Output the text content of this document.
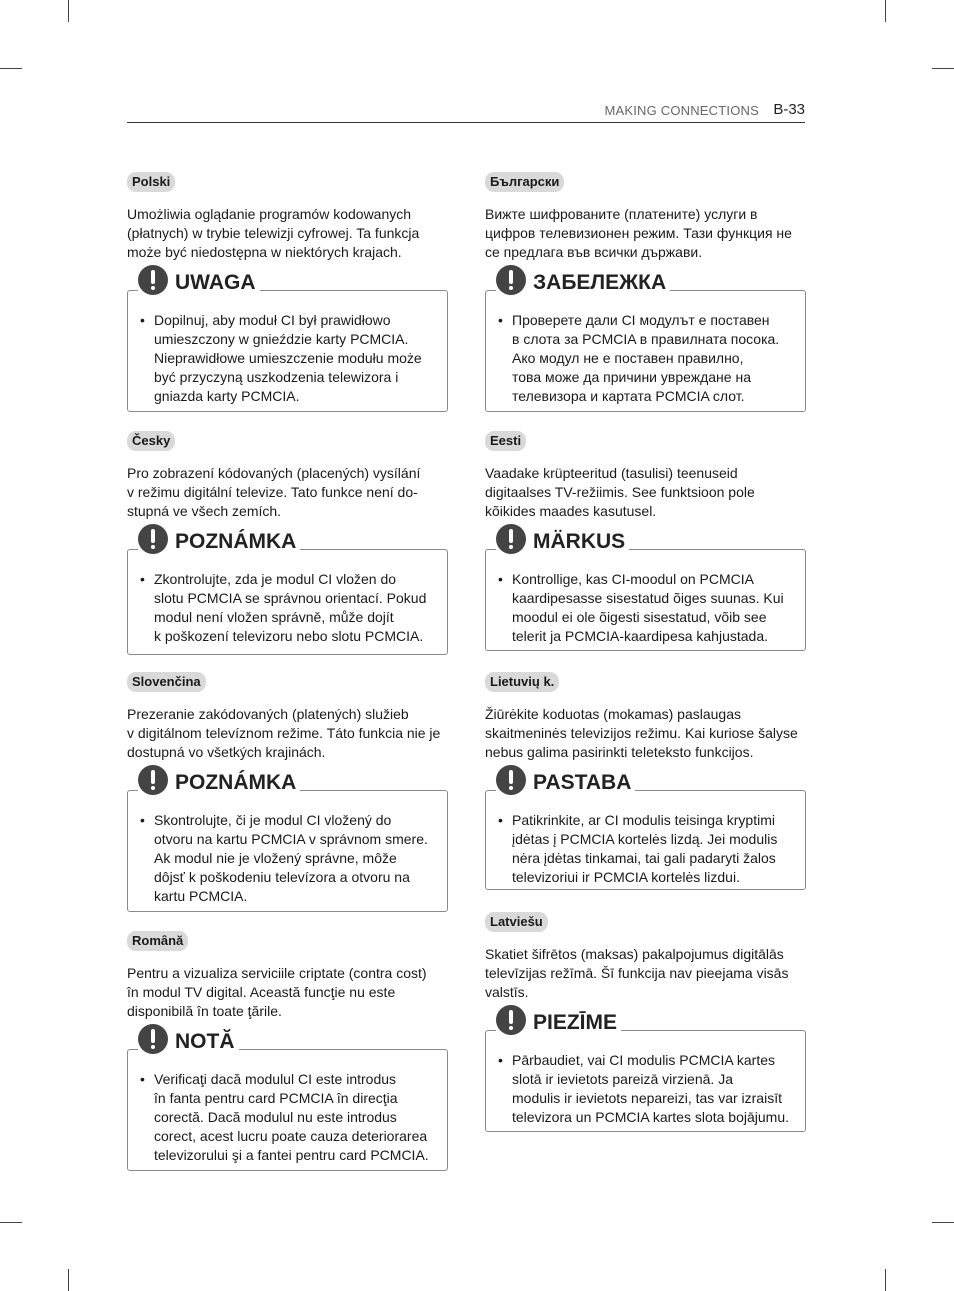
MAKING CONNECTIONS B-33
Polski

Umożliwia oglądanie programów kodowanych

(płatnych) w trybie telewizji cyfrowej. Ta funkcja

może być niedostępna w niektórych krajach.

UWAGA
• Dopilnuj, aby moduł CI był prawidłowo
umieszczony w gnieździe karty PCMCIA.
Nieprawidłowe umieszczenie modułu może
być przyczyną uszkodzenia telewizora i
gniazda karty PCMCIA.
Česky

Pro zobrazení kódovaných (placených) vysílání

v režimu digitální televize. Tato funkce není do-

stupná ve všech zemích.

POZNÁMKA
• Zkontrolujte, zda je modul CI vložen do
slotu PCMCIA se správnou orientací. Pokud
modul není vložen správně, může dojít
k poškození televizoru nebo slotu PCMCIA.
Slovenčina

Prezeranie zakódovaných (platených) služieb

v digitálnom televíznom režime. Táto funkcia nie je

dostupná vo všetkých krajinách.

POZNÁMKA
• Skontrolujte, či je modul CI vložený do
otvoru na kartu PCMCIA v správnom smere.
Ak modul nie je vložený správne, môže
dôjsť k poškodeniu televízora a otvoru na
kartu PCMCIA.
Română

Pentru a vizualiza serviciile criptate (contra cost)

în modul TV digital. Această funcţie nu este

disponibilă în toate ţările.

NOTĂ
• Verificaţi dacă modulul CI este introdus
în fanta pentru card PCMCIA în direcţia
corectă. Dacă modulul nu este introdus
corect, acest lucru poate cauza deteriorarea
televizorului şi a fantei pentru card PCMCIA.
Български

Вижте шифрованите (платените) услуги в

цифров телевизионен режим. Тази функция не

се предлага във всички държави.

ЗАБЕЛЕЖКА
• Проверете дали CI модулът е поставен
в слота за PCMCIA в правилната посока.
Ако модул не е поставен правилно,
това може да причини увреждане на
телевизора и картата PCMCIA слот.
Eesti

Vaadake krüpteeritud (tasulisi) teenuseid

digitaalses TV-režiimis. See funktsioon pole

kõikides maades kasutusel.

MÄRKUS
• Kontrollige, kas CI-moodul on PCMCIA
kaardipesasse sisestatud õiges suunas. Kui
moodul ei ole õigesti sisestatud, võib see
telerit ja PCMCIA-kaardipesa kahjustada.
Lietuvių k.

Žiūrėkite koduotas (mokamas) paslaugas

skaitmeninės televizijos režimu. Kai kuriose šalyse

nebus galima pasirinkti teleteksto funkcijos.

PASTABA
• Patikrinkite, ar CI modulis teisinga kryptimi
įdėtas į PCMCIA kortelės lizdą. Jei modulis
nėra įdėtas tinkamai, tai gali padaryti žalos
televizoriui ir PCMCIA kortelės lizdui.
Latviešu

Skatiet šifrētos (maksas) pakalpojumus digitālās

televīzijas režīmā. Šī funkcija nav pieejama visās

valstīs.

PIEZĪME
• Pārbaudiet, vai CI modulis PCMCIA kartes
slotā ir ievietots pareizā virzienā. Ja
modulis ir ievietots nepareizi, tas var izraisīt
televizora un PCMCIA kartes slota bojājumu.
